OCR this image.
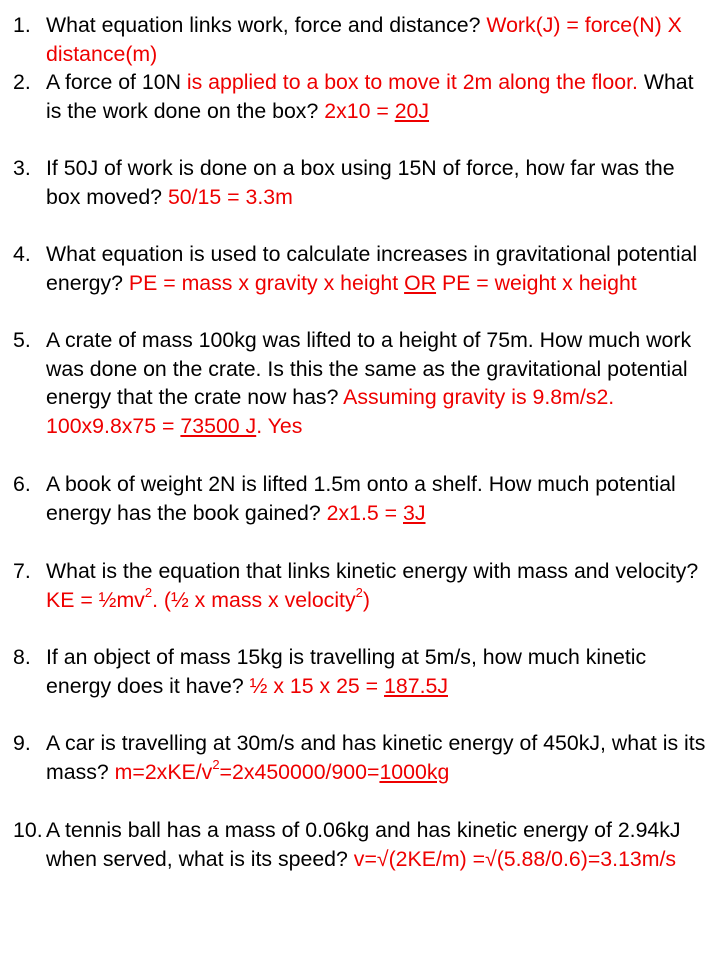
1. What equation links work, force and distance? Work(J) = force(N) X distance(m)
2. A force of 10N is applied to a box to move it 2m along the floor. What is the work done on the box? 2x10 = 20J
3. If 50J of work is done on a box using 15N of force, how far was the box moved? 50/15 = 3.3m
4. What equation is used to calculate increases in gravitational potential energy? PE = mass x gravity x height OR PE = weight x height
5. A crate of mass 100kg was lifted to a height of 75m. How much work was done on the crate. Is this the same as the gravitational potential energy that the crate now has? Assuming gravity is 9.8m/s2. 100x9.8x75 = 73500 J. Yes
6. A book of weight 2N is lifted 1.5m onto a shelf. How much potential energy has the book gained? 2x1.5 = 3J
7. What is the equation that links kinetic energy with mass and velocity? KE = $\frac{1}{2}mv^2$. (½ x mass x velocity$^2$)
8. If an object of mass 15kg is travelling at 5m/s, how much kinetic energy does it have? ½ x 15 x 25 = 187.5J
9. A car is travelling at 30m/s and has kinetic energy of 450kJ, what is its mass? $m=2xKE/v^2=2x450000/900=1000kg$
10. A tennis ball has a mass of 0.06kg and has kinetic energy of 2.94kJ when served, what is its speed? v=√(2KE/m) =√(5.88/0.6)=3.13m/s
